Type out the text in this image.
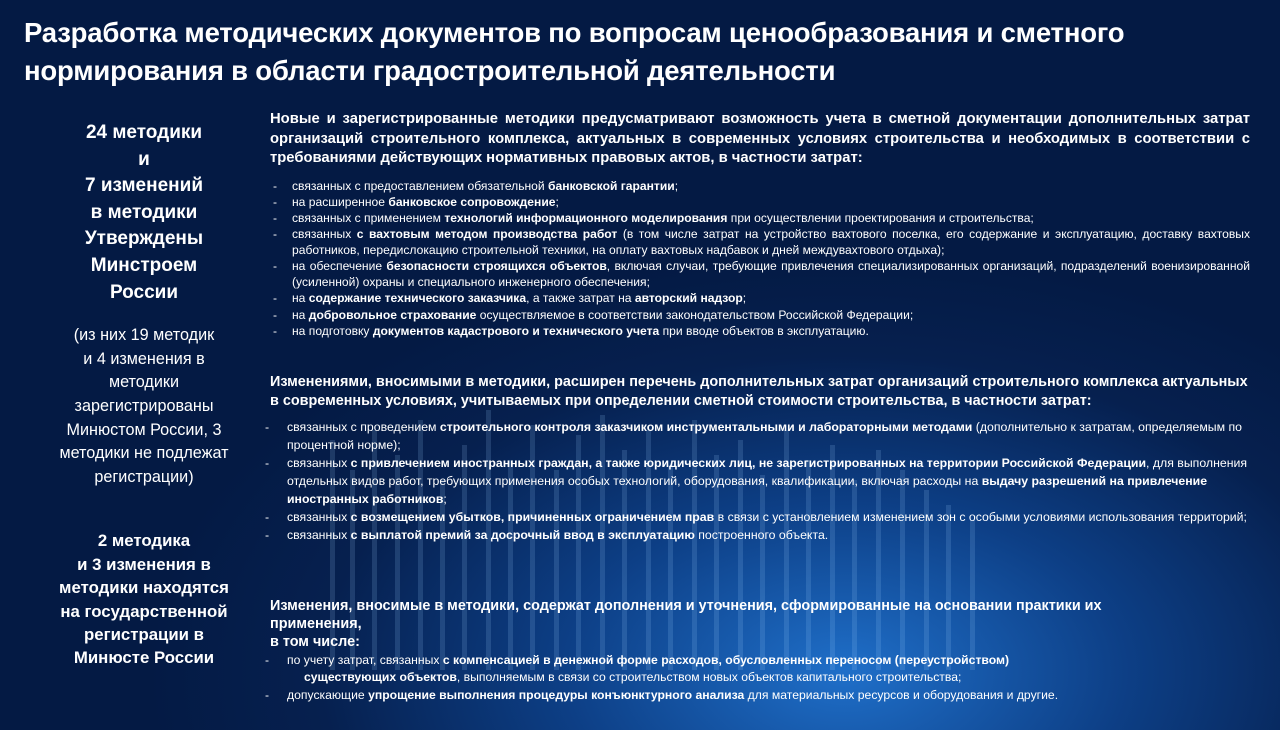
Разработка методических документов по вопросам ценообразования и сметного
нормирования в области градостроительной деятельности
24 методики
и
7 изменений
в методики
Утверждены
Минстроем
России
(из них 19 методик
и 4 изменения в
методики
зарегистрированы
Минюстом России, 3
методики не подлежат
регистрации)
2 методика
и 3 изменения в
методики находятся
на государственной
регистрации в
Минюсте России
Новые и зарегистрированные методики предусматривают возможность учета в сметной документации дополнительных затрат организаций строительного комплекса, актуальных в современных условиях строительства и необходимых в соответствии с требованиями действующих нормативных правовых актов, в частности затрат:
- связанных с предоставлением обязательной банковской гарантии;
- на расширенное банковское сопровождение;
- связанных с применением технологий информационного моделирования при осуществлении проектирования и строительства;
- связанных с вахтовым методом производства работ (в том числе затрат на устройство вахтового поселка, его содержание и эксплуатацию, доставку вахтовых работников, передислокацию строительной техники, на оплату вахтовых надбавок и дней междувахтового отдыха);
- на обеспечение безопасности строящихся объектов, включая случаи, требующие привлечения специализированных организаций, подразделений военизированной (усиленной) охраны и специального инженерного обеспечения;
- на содержание технического заказчика, а также затрат на авторский надзор;
- на добровольное страхование осуществляемое в соответствии законодательством Российской Федерации;
- на подготовку документов кадастрового и технического учета при вводе объектов в эксплуатацию.
Изменениями, вносимыми в методики, расширен перечень дополнительных затрат организаций строительного комплекса актуальных в современных условиях, учитываемых при определении сметной стоимости строительства, в частности затрат:
- связанных с проведением строительного контроля заказчиком инструментальными и лабораторными методами (дополнительно к затратам, определяемым по процентной норме);
- связанных с привлечением иностранных граждан, а также юридических лиц, не зарегистрированных на территории Российской Федерации, для выполнения отдельных видов работ, требующих применения особых технологий, оборудования, квалификации, включая расходы на выдачу разрешений на привлечение иностранных работников;
- связанных с возмещением убытков, причиненных ограничением прав в связи с установлением изменением зон с особыми условиями использования территорий;
- связанных с выплатой премий за досрочный ввод в эксплуатацию построенного объекта.
Изменения, вносимые в методики, содержат дополнения и уточнения, сформированные на основании практики их
применения,
в том числе:
- по учету затрат, связанных с компенсацией в денежной форме расходов, обусловленных переносом (переустройством)
существующих объектов, выполняемым в связи со строительством новых объектов капитального строительства;
- допускающие упрощение выполнения процедуры конъюнктурного анализа для материальных ресурсов и оборудования и другие.
